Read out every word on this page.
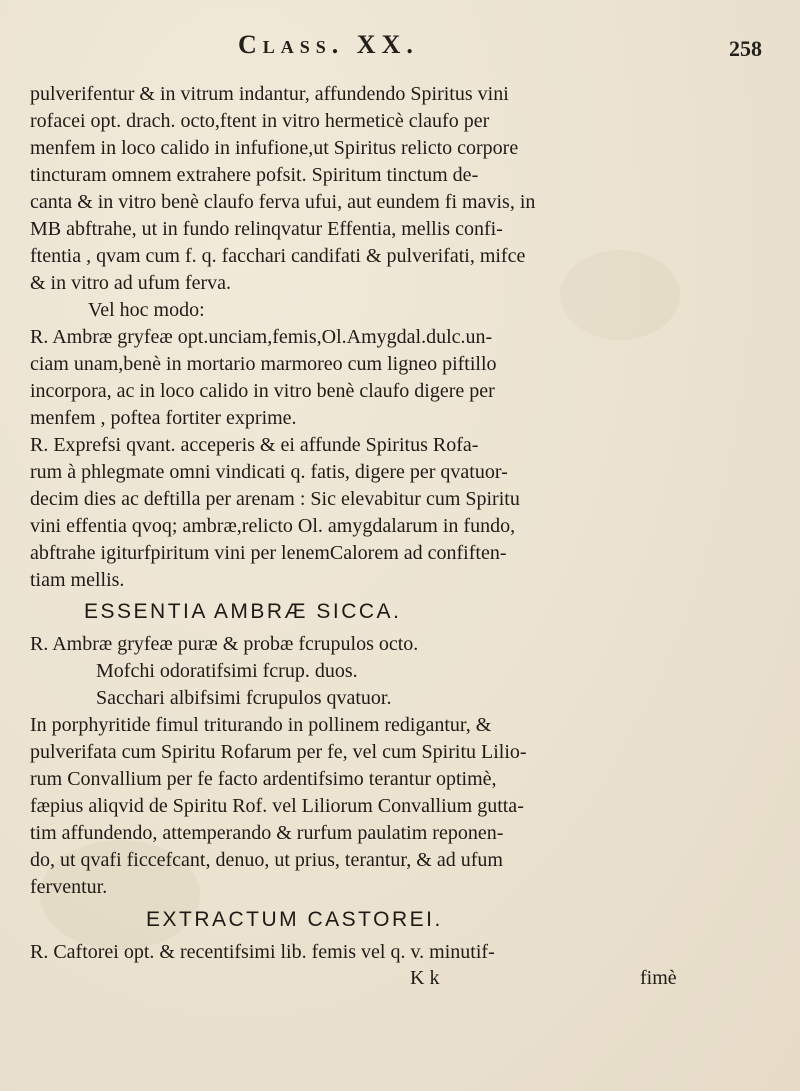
Class. XX.	258
pulverifentur & in vitrum indantur, affundendo Spiritus vini
rofacei opt. drach. octo,ftent in vitro hermeticè claufo per
menfem in loco calido in infufione,ut Spiritus relicto corpore
tincturam omnem extrahere pofsit. Spiritum tinctum de-
canta & in vitro benè claufo ferva ufui, aut eundem fi mavis, in
MB abftrahe, ut in fundo relinqvatur Effentia, mellis confi-
ftentia , qvam cum f. q. facchari candifati & pulverifati, mifce
& in vitro ad ufum ferva.
Vel hoc modo:
R. Ambræ gryfeæ opt.unciam,femis,Ol.Amygdal.dulc.un-
ciam unam,benè in mortario marmoreo cum ligneo piftillo
incorpora, ac in loco calido in vitro benè claufo digere per
menfem , poftea fortiter exprime.
R. Exprefsi qvant. acceperis & ei affunde Spiritus Rofa-
rum à phlegmate omni vindicati q. fatis, digere per qvatuor-
decim dies ac deftilla per arenam : Sic elevabitur cum Spiritu
vini effentia qvoq; ambræ,relicto Ol. amygdalarum in fundo,
abftrahe igiturfpiritum vini per lenemCalorem ad confiften-
tiam mellis.
ESSENTIA AMBRÆ SICCA.
R. Ambræ gryfeæ puræ & probæ fcrupulos octo.
Mofchi odoratifsimi fcrup. duos.
Sacchari albifsimi fcrupulos qvatuor.
In porphyritide fimul triturando in pollinem redigantur, &
pulverifata cum Spiritu Rofarum per fe, vel cum Spiritu Lilio-
rum Convallium per fe facto ardentifsimo terantur optimè,
fæpius aliqvid de Spiritu Rof. vel Liliorum Convallium gutta-
tim affundendo, attemperando & rurfum paulatim reponen-
do, ut qvafi ficcefcant, denuo, ut prius, terantur, & ad ufum
ferventur.
EXTRACTUM CASTOREI.
R. Caftorei opt. & recentifsimi lib. femis vel q. v. minutif-
K k	fimè
